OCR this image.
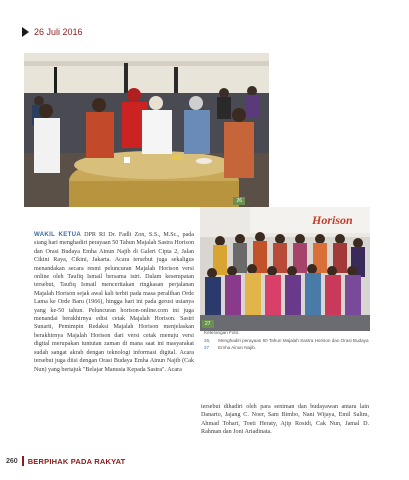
26 Juli 2016
26
Horison
27
WAKIL KETUA DPR RI Dr. Fadli Zon, S.S., M.Sc., pada siang hari menghadiri perayaan 50 Tahun Majalah Sastra Horison dan Orasi Budaya Emha Ainun Najib di Galeri Cipta 2, Jalan Cikini Raya, Cikini, Jakarta. Acara tersebut juga sekaligus menandakan secara resmi peluncuran Majalah Horison versi online oleh Taufiq Ismail bersama istri. Dalam kesempatan tersebut, Taufiq Ismail menceritakan ringkasan perjalanan Majalah Horison sejak awal kali terbit pada masa peralihan Orde Lama ke Orde Baru (1966), hingga hari ini pada gerusi usianya yang ke-50 tahun. Peluncuran horison-online.com ini juga menandai berakhirnya edisi cetak Majalah Horison. Sastri Sunarti, Pemimpin Redaksi Majalah Horison menjelaskan berakhirnya Majalah Horison dari versi cetak menuju versi digital merupakan tuntutan zaman di mana saat ini masyarakat sudah sangat akrab dengan teknologi informasi digital. Acara tersebut juga diisi dengan Orasi Budaya Emha Ainun Najib (Cak Nun) yang bertajuk "Belajar Manusia Kepada Sastra". Acara
Keterangan Foto:
26, 27
Menghadiri perayaan 50 Tahun Majalah Sastra Horison dan Orasi Budaya Emha Ainun Najib.
tersebut dihadiri oleh para seniman dan budayawan antara lain Danarto, Jajang C. Noer, Sam Bimbo, Nani Wijaya, Emil Salim, Ahmad Tohari, Toeti Heraty, Ajip Rosidi, Cak Nun, Jamal D. Rahman dan Joni Ariadinata.
260 BERPIHAK PADA RAKYAT
